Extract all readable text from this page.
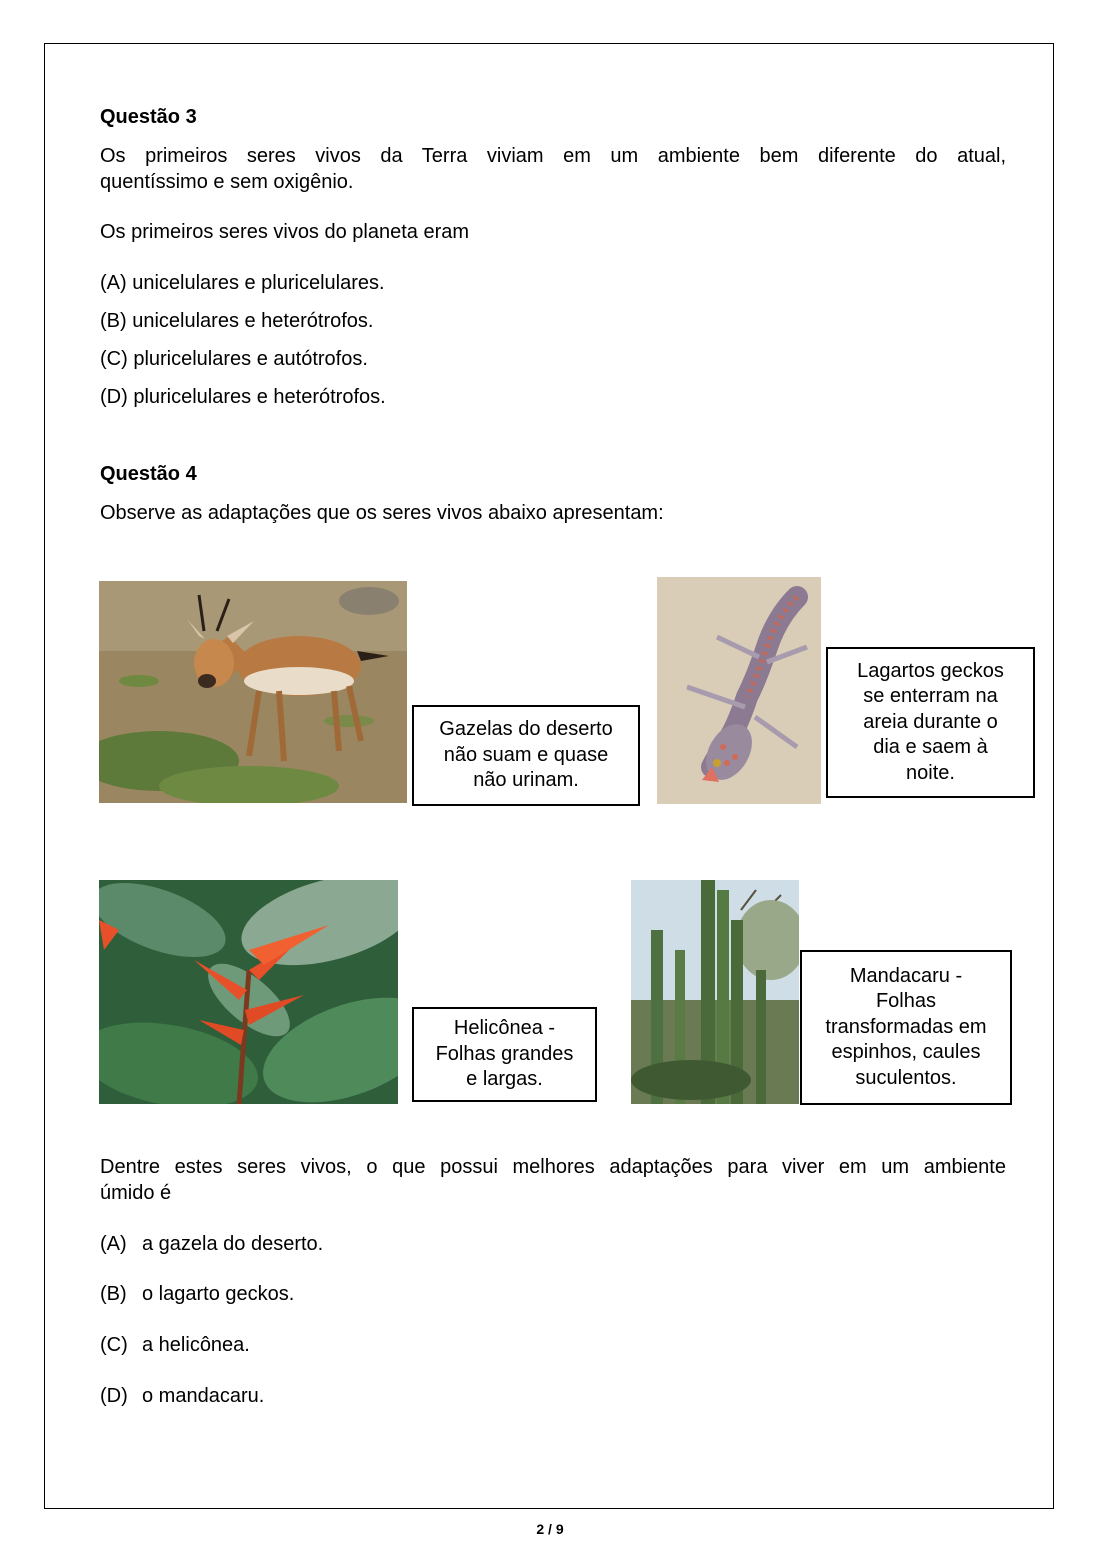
Questão 3
Os primeiros seres vivos da Terra viviam em um ambiente bem diferente do atual,
quentíssimo e sem oxigênio.
Os primeiros seres vivos do planeta eram
(A) unicelulares e pluricelulares.
(B) unicelulares e heterótrofos.
(C) pluricelulares e autótrofos.
(D) pluricelulares e heterótrofos.
Questão 4
Observe as adaptações que os seres vivos abaixo apresentam:
Gazelas do deserto
não suam e quase
não urinam.
Lagartos geckos
se enterram na
areia durante o
dia e saem à
noite.
Helicônea -
Folhas grandes
e largas.
Mandacaru -
Folhas
transformadas em
espinhos, caules
suculentos.
Dentre estes seres vivos, o que possui melhores adaptações para viver em um ambiente
úmido é
(A) a gazela do deserto.
(B) o lagarto geckos.
(C) a helicônea.
(D) o mandacaru.
2 / 9
